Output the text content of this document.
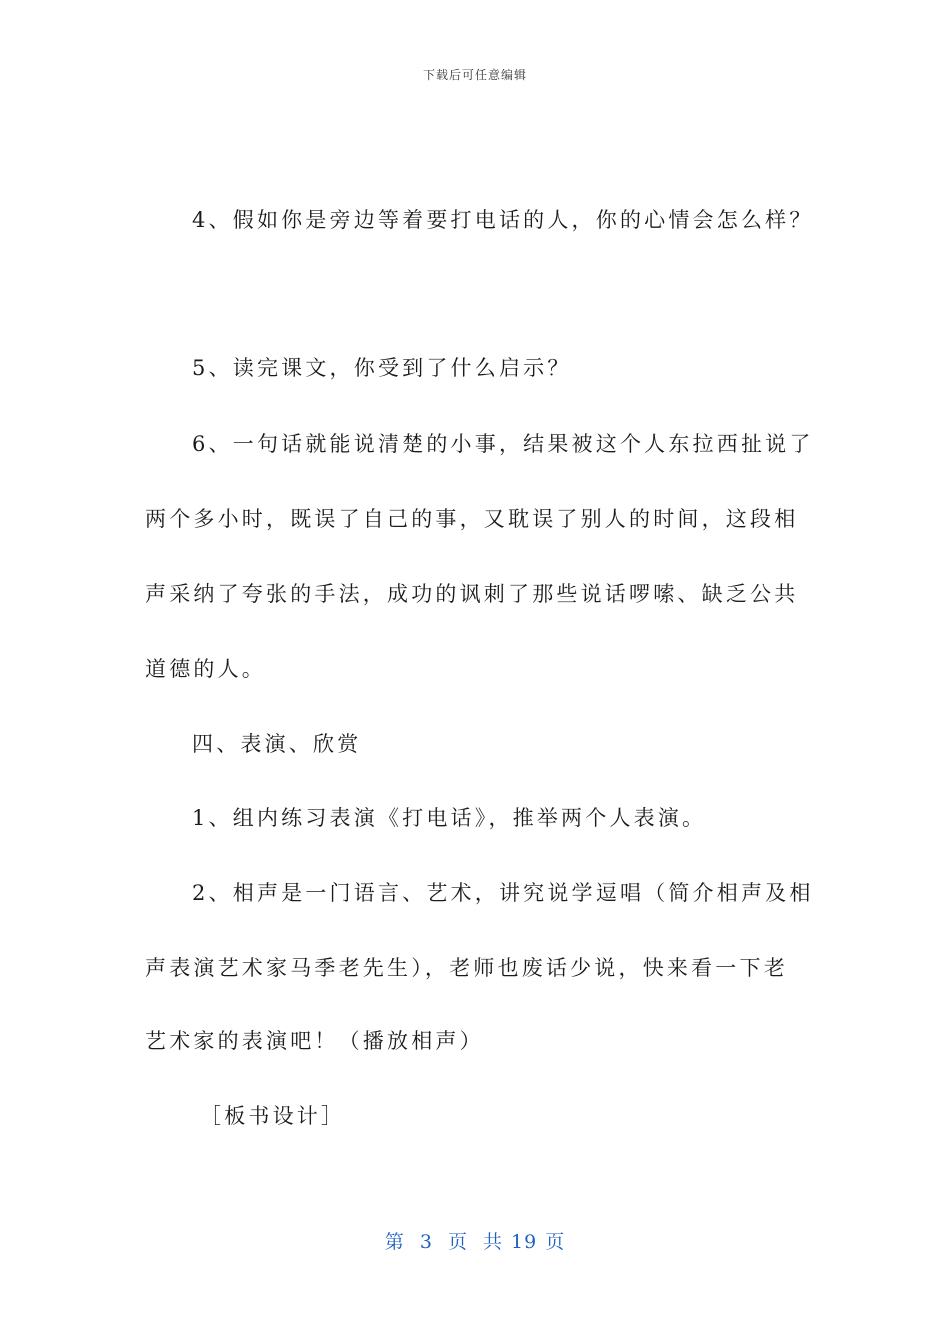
下载后可任意编辑
4、假如你是旁边等着要打电话的人，你的心情会怎么样？
5、读完课文，你受到了什么启示？
6、一句话就能说清楚的小事，结果被这个人东拉西扯说了
两个多小时，既误了自己的事，又耽误了别人的时间，这段相
声采纳了夸张的手法，成功的讽刺了那些说话啰嗦、缺乏公共
道德的人。
四、表演、欣赏
1、组内练习表演《打电话》，推举两个人表演。
2、相声是一门语言、艺术，讲究说学逗唱（简介相声及相
声表演艺术家马季老先生），老师也废话少说，快来看一下老
艺术家的表演吧！（播放相声）
［板书设计］
第 3 页 共 19 页
